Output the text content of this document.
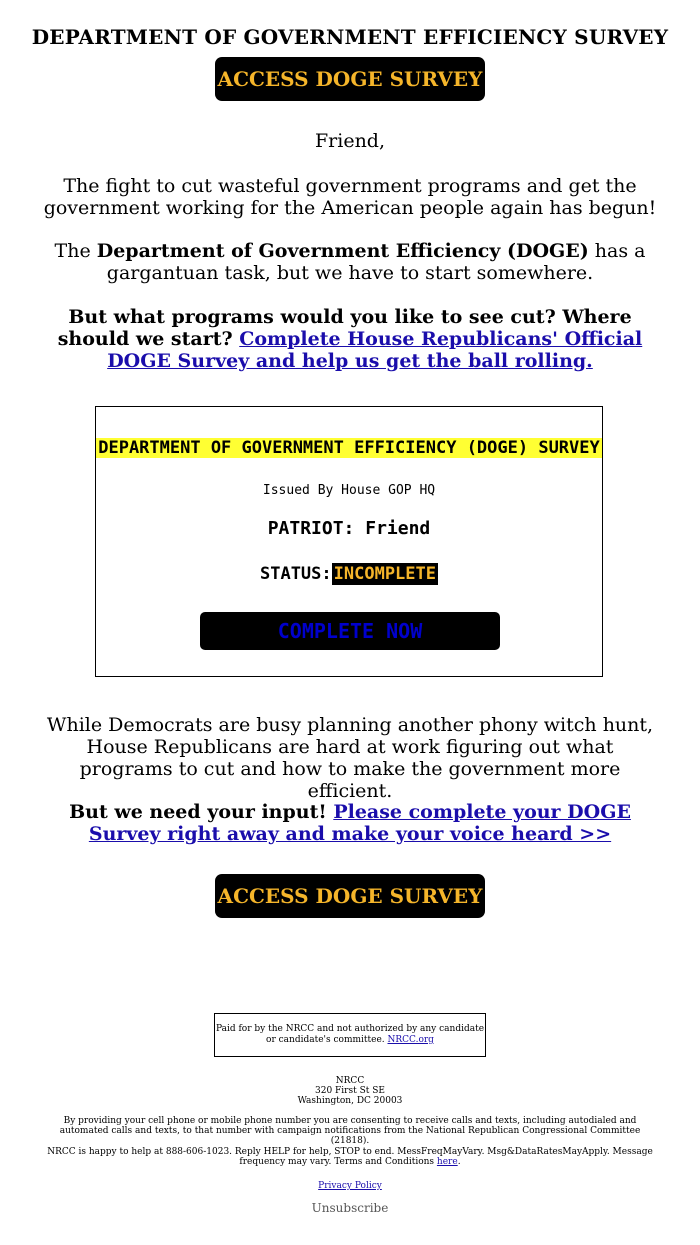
DEPARTMENT OF GOVERNMENT EFFICIENCY SURVEY
ACCESS DOGE SURVEY
Friend,
The fight to cut wasteful government programs and get the government working for the American people again has begun!
The Department of Government Efficiency (DOGE) has a gargantuan task, but we have to start somewhere.
But what programs would you like to see cut? Where should we start? Complete House Republicans' Official DOGE Survey and help us get the ball rolling.
DEPARTMENT OF GOVERNMENT EFFICIENCY (DOGE) SURVEY
Issued By House GOP HQ
PATRIOT: Friend
STATUS: INCOMPLETE
COMPLETE NOW
While Democrats are busy planning another phony witch hunt, House Republicans are hard at work figuring out what programs to cut and how to make the government more efficient.
But we need your input! Please complete your DOGE Survey right away and make your voice heard >>
ACCESS DOGE SURVEY
Paid for by the NRCC and not authorized by any candidate or candidate's committee. NRCC.org
NRCC
320 First St SE
Washington, DC 20003
By providing your cell phone or mobile phone number you are consenting to receive calls and texts, including autodialed and automated calls and texts, to that number with campaign notifications from the National Republican Congressional Committee (21818).
NRCC is happy to help at 888-606-1023. Reply HELP for help, STOP to end. MessFreqMayVary. Msg&DataRatesMayApply. Message frequency may vary. Terms and Conditions here.
Privacy Policy
Unsubscribe
